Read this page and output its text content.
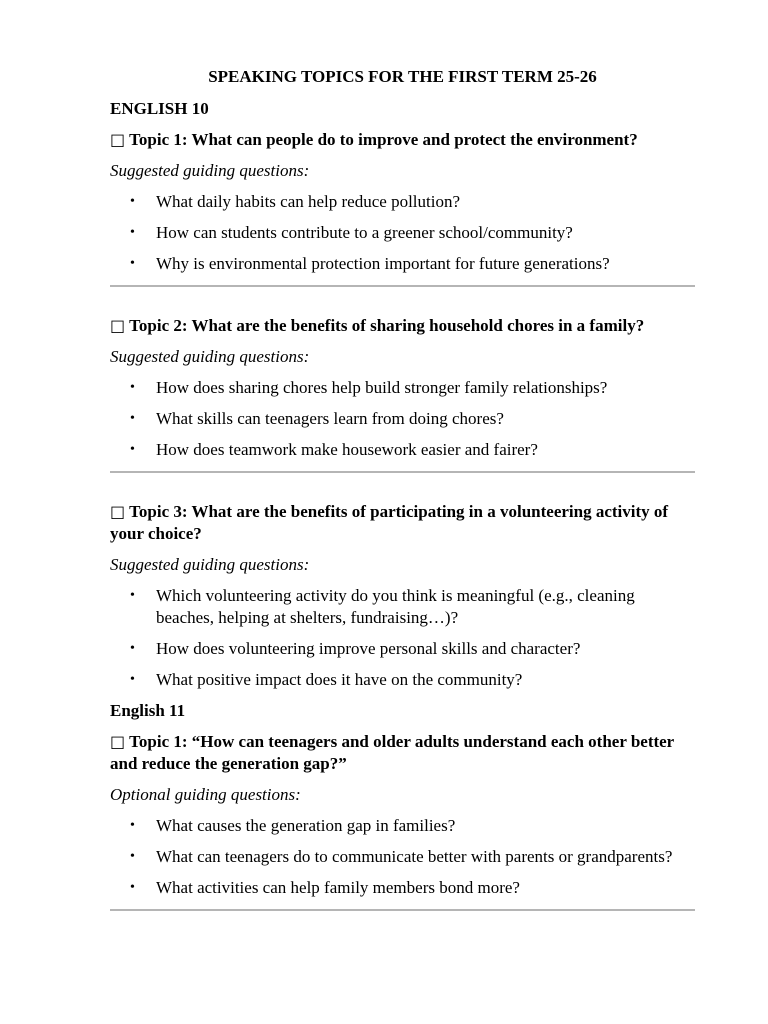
SPEAKING TOPICS FOR THE FIRST TERM 25-26
ENGLISH 10
□ Topic 1: What can people do to improve and protect the environment?
Suggested guiding questions:
• What daily habits can help reduce pollution?
• How can students contribute to a greener school/community?
• Why is environmental protection important for future generations?
□ Topic 2: What are the benefits of sharing household chores in a family?
Suggested guiding questions:
• How does sharing chores help build stronger family relationships?
• What skills can teenagers learn from doing chores?
• How does teamwork make housework easier and fairer?
□ Topic 3: What are the benefits of participating in a volunteering activity of your choice?
Suggested guiding questions:
• Which volunteering activity do you think is meaningful (e.g., cleaning beaches, helping at shelters, fundraising…)?
• How does volunteering improve personal skills and character?
• What positive impact does it have on the community?
English 11
□ Topic 1: “How can teenagers and older adults understand each other better and reduce the generation gap?”
Optional guiding questions:
• What causes the generation gap in families?
• What can teenagers do to communicate better with parents or grandparents?
• What activities can help family members bond more?
